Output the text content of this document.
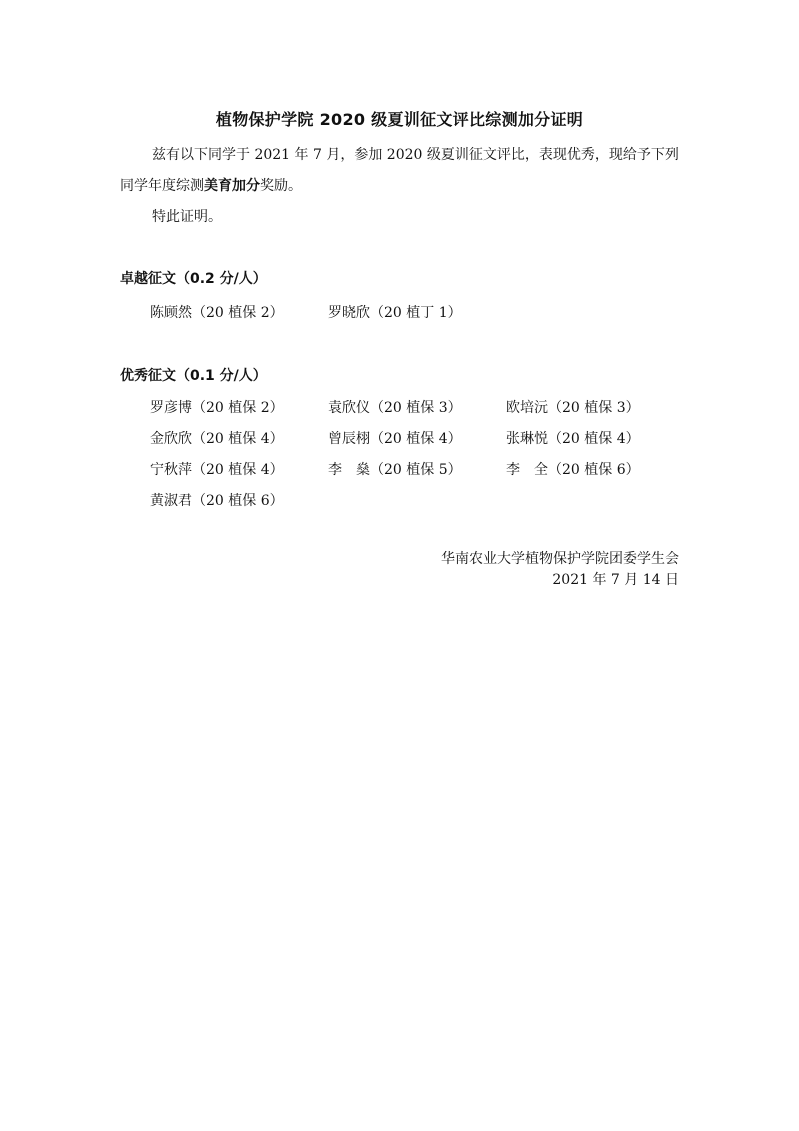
植物保护学院 2020 级夏训征文评比综测加分证明
兹有以下同学于 2021 年 7 月，参加 2020 级夏训征文评比，表现优秀，现给予下列同学年度综测美育加分奖励。
特此证明。
卓越征文（0.2 分/人）
陈顾然（20 植保 2）	罗晓欣（20 植丁 1）
优秀征文（0.1 分/人）
罗彦博（20 植保 2）	袁欣仪（20 植保 3）	欧培沅（20 植保 3）
金欣欣（20 植保 4）	曾辰栩（20 植保 4）	张琳悦（20 植保 4）
宁秋萍（20 植保 4）	李　燊（20 植保 5）	李　全（20 植保 6）
黄淑君（20 植保 6）
华南农业大学植物保护学院团委学生会
2021 年 7 月 14 日
